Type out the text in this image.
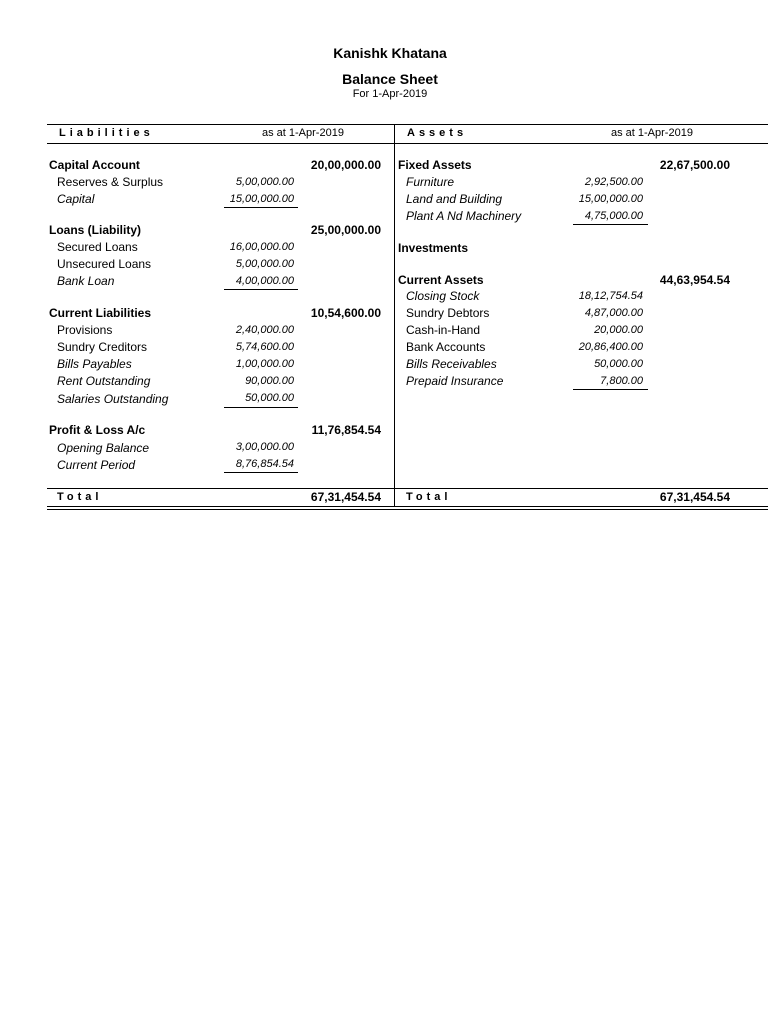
Kanishk Khatana
Balance Sheet
For 1-Apr-2019
Liabilities	as at 1-Apr-2019	Assets	as at 1-Apr-2019
Capital Account	20,00,000.00
Reserves & Surplus	5,00,000.00
Capital	15,00,000.00
Loans (Liability)	25,00,000.00
Secured Loans	16,00,000.00
Unsecured Loans	5,00,000.00
Bank Loan	4,00,000.00
Current Liabilities	10,54,600.00
Provisions	2,40,000.00
Sundry Creditors	5,74,600.00
Bills Payables	1,00,000.00
Rent Outstanding	90,000.00
Salaries Outstanding	50,000.00
Profit & Loss A/c	11,76,854.54
Opening Balance	3,00,000.00
Current Period	8,76,854.54
Fixed Assets	22,67,500.00
Furniture	2,92,500.00
Land and Building	15,00,000.00
Plant A Nd Machinery	4,75,000.00
Investments
Current Assets	44,63,954.54
Closing Stock	18,12,754.54
Sundry Debtors	4,87,000.00
Cash-in-Hand	20,000.00
Bank Accounts	20,86,400.00
Bills Receivables	50,000.00
Prepaid Insurance	7,800.00
Total	67,31,454.54 Total	67,31,454.54
